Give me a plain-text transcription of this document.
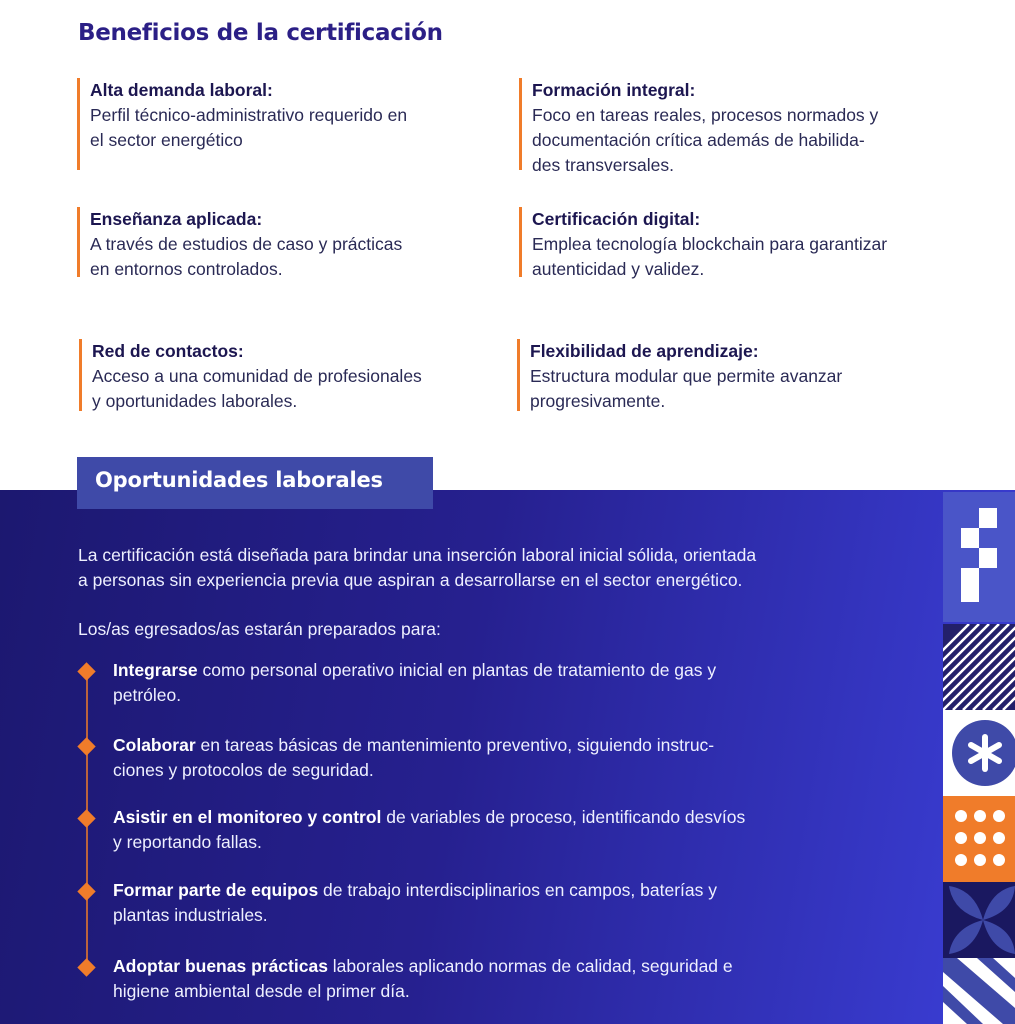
Beneficios de la certificación
Alta demanda laboral:
Perfil técnico-administrativo requerido en
el sector energético
Formación integral:
Foco en tareas reales, procesos normados y
documentación crítica además de habilida-
des transversales.
Enseñanza aplicada:
A través de estudios de caso y prácticas
en entornos controlados.
Certificación digital:
Emplea tecnología blockchain para garantizar
autenticidad y validez.
Red de contactos:
Acceso a una comunidad de profesionales
y oportunidades laborales.
Flexibilidad de aprendizaje:
Estructura modular que permite avanzar
progresivamente.
Oportunidades laborales
La certificación está diseñada para brindar una inserción laboral inicial sólida, orientada
a personas sin experiencia previa que aspiran a desarrollarse en el sector energético.
Los/as egresados/as estarán preparados para:
Integrarse como personal operativo inicial en plantas de tratamiento de gas y
petróleo.
Colaborar en tareas básicas de mantenimiento preventivo, siguiendo instruc-
ciones y protocolos de seguridad.
Asistir en el monitoreo y control de variables de proceso, identificando desvíos
y reportando fallas.
Formar parte de equipos de trabajo interdisciplinarios en campos, baterías y
plantas industriales.
Adoptar buenas prácticas laborales aplicando normas de calidad, seguridad e
higiene ambiental desde el primer día.
